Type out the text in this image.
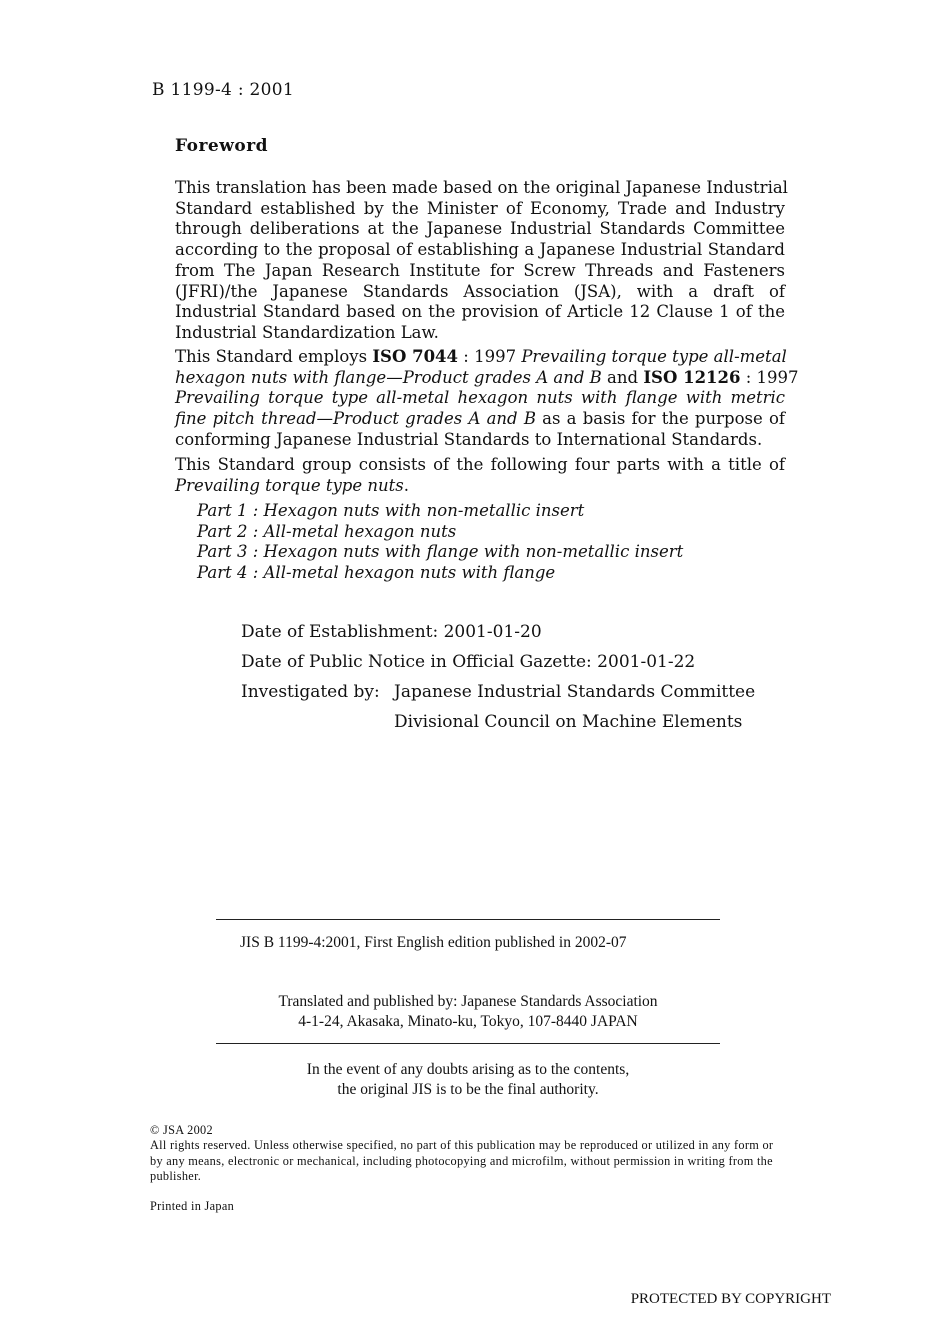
B 1199-4 : 2001
Foreword
This translation has been made based on the original Japanese Industrial
Standard established by the Minister of Economy, Trade and Industry
through deliberations at the Japanese Industrial Standards Committee
according to the proposal of establishing a Japanese Industrial Standard
from The Japan Research Institute for Screw Threads and Fasteners
(JFRI)/the Japanese Standards Association (JSA), with a draft of
Industrial Standard based on the provision of Article 12 Clause 1 of the
Industrial Standardization Law.
This Standard employs ISO 7044 : 1997 Prevailing torque type all-metal
hexagon nuts with flange—Product grades A and B and ISO 12126 : 1997
Prevailing torque type all-metal hexagon nuts with flange with metric
fine pitch thread—Product grades A and B as a basis for the purpose of
conforming Japanese Industrial Standards to International Standards.
This Standard group consists of the following four parts with a title of
Prevailing torque type nuts.
Part 1 : Hexagon nuts with non-metallic insert
Part 2 : All-metal hexagon nuts
Part 3 : Hexagon nuts with flange with non-metallic insert
Part 4 : All-metal hexagon nuts with flange
Date of Establishment: 2001-01-20
Date of Public Notice in Official Gazette: 2001-01-22
Investigated by: Japanese Industrial Standards Committee
Divisional Council on Machine Elements
JIS B 1199-4:2001, First English edition published in 2002-07
Translated and published by: Japanese Standards Association
4-1-24, Akasaka, Minato-ku, Tokyo, 107-8440 JAPAN
In the event of any doubts arising as to the contents,
the original JIS is to be the final authority.
© JSA 2002
All rights reserved. Unless otherwise specified, no part of this publication may be reproduced or utilized in any form or by any means, electronic or mechanical, including photocopying and microfilm, without permission in writing from the publisher.
Printed in Japan
PROTECTED BY COPYRIGHT
